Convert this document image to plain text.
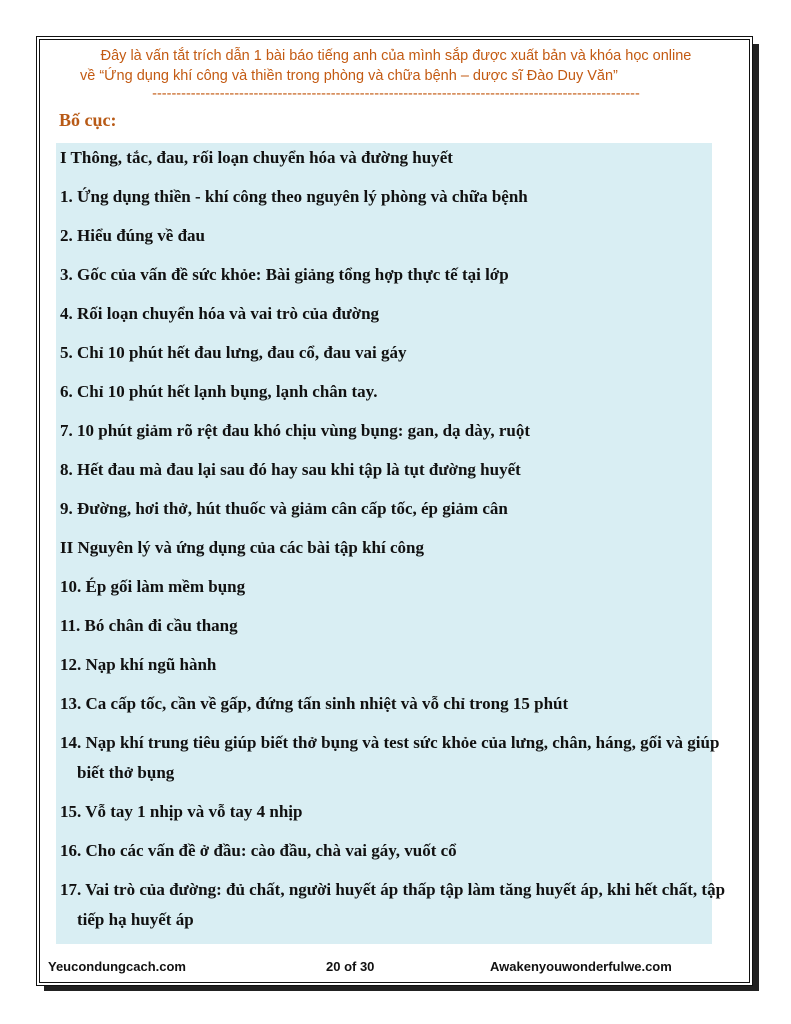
Đây là vấn tắt trích dẫn 1 bài báo tiếng anh của mình sắp được xuất bản và khóa học online
về “Ứng dụng khí công và thiền trong phòng và chữa bệnh – dược sĩ Đào Duy Văn”
-----------------------------------------------------------------------------------------------------
Bố cục:
I Thông, tắc, đau, rối loạn chuyển hóa và đường huyết
1. Ứng dụng thiền - khí công theo nguyên lý phòng và chữa bệnh
2. Hiểu đúng về đau
3. Gốc của vấn đề sức khỏe: Bài giảng tổng hợp thực tế tại lớp
4. Rối loạn chuyển hóa và vai trò của đường
5. Chỉ 10 phút hết đau lưng, đau cổ, đau vai gáy
6. Chỉ 10 phút hết lạnh bụng, lạnh chân tay.
7. 10 phút giảm rõ rệt đau khó chịu vùng bụng: gan, dạ dày, ruột
8. Hết đau mà đau lại sau đó hay sau khi tập là tụt đường huyết
9. Đường, hơi thở, hút thuốc và giảm cân cấp tốc, ép giảm cân
II Nguyên lý và ứng dụng của các bài tập khí công
10. Ép gối làm mềm bụng
11. Bó chân đi cầu thang
12. Nạp khí ngũ hành
13. Ca cấp tốc, cần về gấp, đứng tấn sinh nhiệt và vỗ chỉ trong 15 phút
14. Nạp khí trung tiêu giúp biết thở bụng và test sức khỏe của lưng, chân, háng, gối và giúp biết thở bụng
15. Vỗ tay 1 nhịp và vỗ tay 4 nhịp
16. Cho các vấn đề ở đầu: cào đầu, chà vai gáy, vuốt cổ
17. Vai trò của đường: đủ chất, người huyết áp thấp tập làm tăng huyết áp, khi hết chất, tập tiếp hạ huyết áp
Yeucondungcach.com	20 of 30	Awakenyouwonderfulwe.com
